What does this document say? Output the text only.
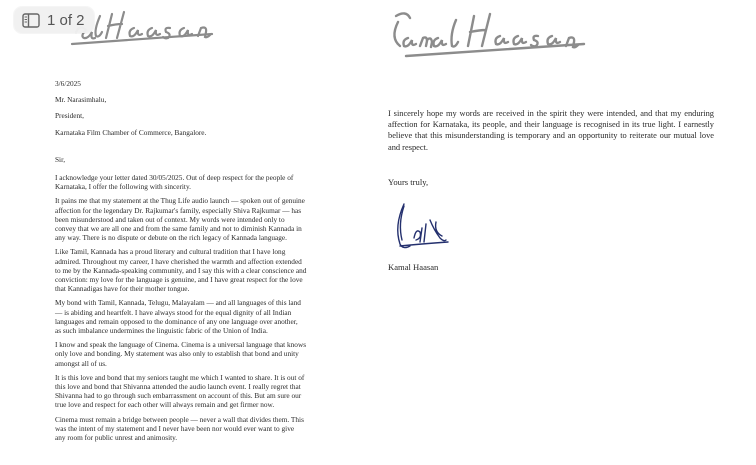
1 of 2
3/6/2025
Mr. Narasimhalu,
President,
Karnataka Film Chamber of Commerce, Bangalore.
Sir,
I acknowledge your letter dated 30/05/2025. Out of deep respect for the people of
Karnataka, I offer the following with sincerity.
It pains me that my statement at the Thug Life audio launch — spoken out of genuine
affection for the legendary Dr. Rajkumar's family, especially Shiva Rajkumar — has
been misunderstood and taken out of context. My words were intended only to
convey that we are all one and from the same family and not to diminish Kannada in
any way. There is no dispute or debute on the rich legacy of Kannada language.
Like Tamil, Kannada has a proud literary and cultural tradition that I have long
admired. Throughout my career, I have cherished the warmth and affection extended
to me by the Kannada-speaking community, and I say this with a clear conscience and
conviction: my love for the language is genuine, and I have great respect for the love
that Kannadigas have for their mother tongue.
My bond with Tamil, Kannada, Telugu, Malayalam — and all languages of this land
— is abiding and heartfelt. I have always stood for the equal dignity of all Indian
languages and remain opposed to the dominance of any one language over another,
as such imbalance undermines the linguistic fabric of the Union of India.
I know and speak the language of Cinema. Cinema is a universal language that knows
only love and bonding. My statement was also only to establish that bond and unity
amongst all of us.
It is this love and bond that my seniors taught me which I wanted to share. It is out of
this love and bond that Shivanna attended the audio launch event. I really regret that
Shivanna had to go through such embarrassment on account of this. But am sure our
true love and respect for each other will always remain and get firmer now.
Cinema must remain a bridge between people — never a wall that divides them. This
was the intent of my statement and I never have been nor would ever want to give
any room for public unrest and animosity.
I sincerely hope my words are received in the spirit they were intended, and that my enduring affection for Karnataka, its people, and their language is recognised in its true light. I earnestly believe that this misunderstanding is temporary and an opportunity to reiterate our mutual love and respect.
Yours truly,
Kamal Haasan
